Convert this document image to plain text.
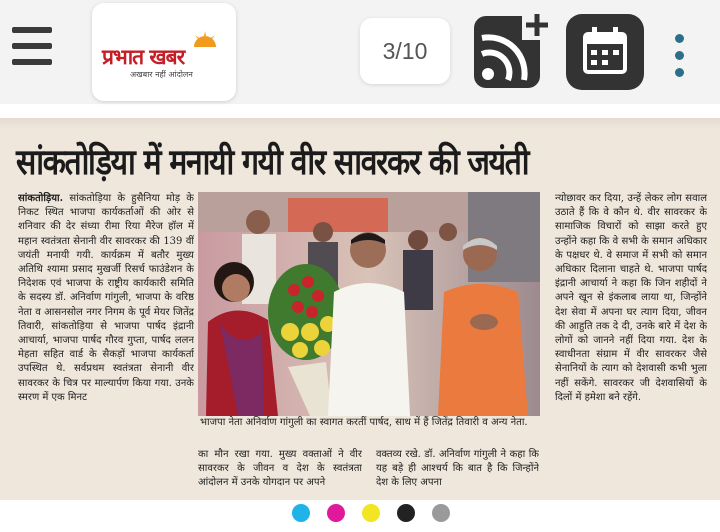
प्रभात खबर
अखबार नहीं आंदोलन
3/10
सांकतोड़िया में मनायी गयी वीर सावरकर की जयंती
सांकतोड़िया. सांकतोड़िया के हुसैनिया मोड़ के निकट स्थित भाजपा कार्यकर्ताओं की ओर से शनिवार की देर संध्या रीमा रिया मैरेज हॉल में महान स्वतंत्रता सेनानी वीर सावरकर की 139 वीं जयंती मनायी गयी. कार्यक्रम में बतौर मुख्य अतिथि श्यामा प्रसाद मुखर्जी रिसर्च फाउंडेशन के निदेशक एवं भाजपा के राष्ट्रीय कार्यकारी समिति के सदस्य डॉ. अनिर्वाण गांगुली, भाजपा के वरिष्ठ नेता व आसनसोल नगर निगम के पूर्व मेयर जितेंद्र तिवारी, सांकतोड़िया से भाजपा पार्षद इंद्रानी आचार्या, भाजपा पार्षद गौरव गुप्ता, पार्षद ललन मेहता सहित वार्ड के सैकड़ों भाजपा कार्यकर्ता उपस्थित थे. सर्वप्रथम स्वतंत्रता सेनानी वीर सावरकर के चित्र पर माल्यार्पण किया गया. उनके स्मरण में एक मिनट
भाजपा नेता अनिर्वाण गांगुली का स्वागत करतीं पार्षद, साथ में हैं जितेंद्र तिवारी व अन्य नेता.
का मौन रखा गया. मुख्य वक्ताओं ने वीर सावरकर के जीवन व देश के स्वतंत्रता आंदोलन में उनके योगदान पर अपने
वक्तव्य रखे. डॉ. अनिर्वाण गांगुली ने कहा कि यह बड़े ही आश्चर्य कि बात है कि जिन्होंने देश के लिए अपना
न्योछावर कर दिया, उन्हें लेकर लोग सवाल उठाते हैं कि वे कौन थे. वीर सावरकर के सामाजिक विचारों को साझा करते हुए उन्होंने कहा कि वे सभी के समान अधिकार के पक्षधर थे. वे समाज में सभी को समान अधिकार दिलाना चाहते थे. भाजपा पार्षद इंद्रानी आचार्या ने कहा कि जिन शहीदों ने अपने खून से इंकलाब लाया था, जिन्होंने देश सेवा में अपना घर त्याग दिया, जीवन की आहुति तक दे दी, उनके बारे में देश के लोगों को जानने नहीं दिया गया. देश के स्वाधीनता संग्राम में वीर सावरकर जैसे सेनानियों के त्याग को देशवासी कभी भुला नहीं सकेंगे. सावरकर जी देशवासियों के दिलों में हमेशा बने रहेंगे.
